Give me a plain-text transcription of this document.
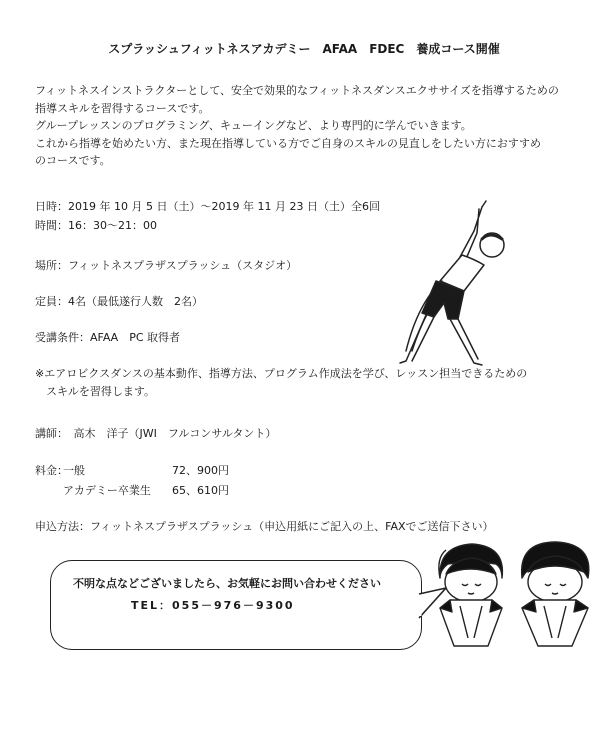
スプラッシュフィットネスアカデミー　AFAA　FDEC　養成コース開催
フィットネスインストラクターとして、安全で効果的なフィットネスダンスエクササイズを指導するための
指導スキルを習得するコースです。
グループレッスンのプログラミング、キューイングなど、より専門的に学んでいきます。
これから指導を始めたい方、また現在指導している方でご自身のスキルの見直しをしたい方におすすめ
のコースです。
日時：2019 年 10 月 5 日（土）～2019 年 11 月 23 日（土）全6回
時間：16：30～21：00
場所：フィットネスプラザスプラッシュ（スタジオ）
定員：4名（最低遂行人数　2名）
受講条件：AFAA　PC 取得者
※エアロビクスダンスの基本動作、指導方法、プログラム作成法を学び、レッスン担当できるための
　スキルを習得します。
講師：　高木　洋子（JWI　フルコンサルタント）
料金：
一般	72、900円
アカデミー卒業生 65、610円
申込方法：フィットネスプラザスプラッシュ（申込用紙にご記入の上、FAXでご送信下さい）
不明な点などございましたら、お気軽にお問い合わせください
TEL：055－976－9300
